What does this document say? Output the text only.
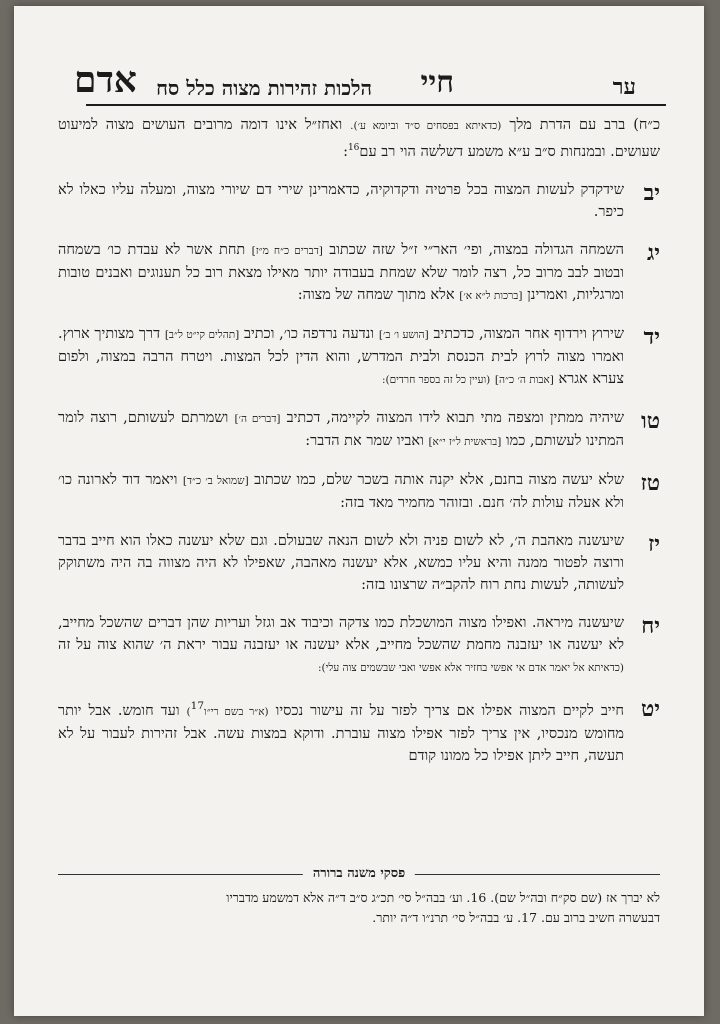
ער
חיי
הלכות זהירות מצוה כלל סח
אדם
כ״ח) ברב עם הדרת מלך (כדאיתא בפסחים ס״ד וביומא ע׳). ואחז״ל אינו דומה מרובים העושים מצוה למיעוט שעושים. ובמנחות ס״ב ע״א משמע דשלשה הוי רב עם$^{16}$:
יב
שידקדק לעשות המצוה בכל פרטיה ודקדוקיה, כדאמרינן שירי דם שיורי מצוה, ומעלה עליו כאלו לא כיפר.
יג
השמחה הגדולה במצוה, ופי׳ האר״י ז״ל שזה שכתוב [דברים כ״ח מ״ז] תחת אשר לא עבדת כו׳ בשמחה ובטוב לבב מרוב כל, רצה לומר שלא שמחת בעבודה יותר מאילו מצאת רוב כל תענוגים ואבנים טובות ומרגליות, ואמרינן [ברכות ל״א א׳] אלא מתוך שמחה של מצוה:
יד
שירוץ וירדוף אחר המצוה, כדכתיב [הושע ו׳ ב׳] ונדעה נרדפה כו׳, וכתיב [תהלים קי״ט ל״ב] דרך מצותיך ארוץ. ואמרו מצוה לרוץ לבית הכנסת ולבית המדרש, והוא הדין לכל המצות. ויטרח הרבה במצוה, ולפום צערא אגרא [אבות ה׳ כ״ה] (ועיין כל זה בספר חרדים):
טו
שיהיה ממתין ומצפה מתי תבוא לידו המצוה לקיימה, דכתיב [דברים ה׳] ושמרתם לעשותם, רוצה לומר המתינו לעשותם, כמו [בראשית ל״ז י״א] ואביו שמר את הדבר:
טז
שלא יעשה מצוה בחנם, אלא יקנה אותה בשכר שלם, כמו שכתוב [שמואל ב׳ כ״ד] ויאמר דוד לארונה כו׳ ולא אעלה עולות לה׳ חנם. ובזוהר מחמיר מאד בזה:
יז
שיעשנה מאהבת ה׳, לא לשום פניה ולא לשום הנאה שבעולם. וגם שלא יעשנה כאלו הוא חייב בדבר ורוצה לפטור ממנה והיא עליו כמשא, אלא יעשנה מאהבה, שאפילו לא היה מצווה בה היה משתוקק לעשותה, לעשות נחת רוח להקב״ה שרצונו בזה:
יח
שיעשנה מיראה. ואפילו מצוה המושכלת כמו צדקה וכיבוד אב וגזל ועריות שהן דברים שהשכל מחייב, לא יעשנה או יעזבנה מחמת שהשכל מחייב, אלא יעשנה או יעזבנה עבור יראת ה׳ שהוא צוה על זה (כדאיתא אל יאמר אדם אי אפשי בחזיר אלא אפשי ואבי שבשמים צוה עלי):
יט
חייב לקיים המצוה אפילו אם צריך לפזר על זה עישור נכסיו (א״ר בשם רי״ו$^{17}$) ועד חומש. אבל יותר מחומש מנכסיו, אין צריך לפזר אפילו מצוה עוברת. ודוקא במצות עשה. אבל זהירות לעבור על לא תעשה, חייב ליתן אפילו כל ממונו קודם
פסקי משנה ברורה
לא יברך אז (שם סק״ח ובה״ל שם). 16. וע׳ בבה״ל סי׳ תכ״ג ס״ב ד״ה אלא דמשמע מדבריו
דבעשרה חשיב ברוב עם. 17. ע׳ בבה״ל סי׳ תרנ״ו ד״ה יותר.
